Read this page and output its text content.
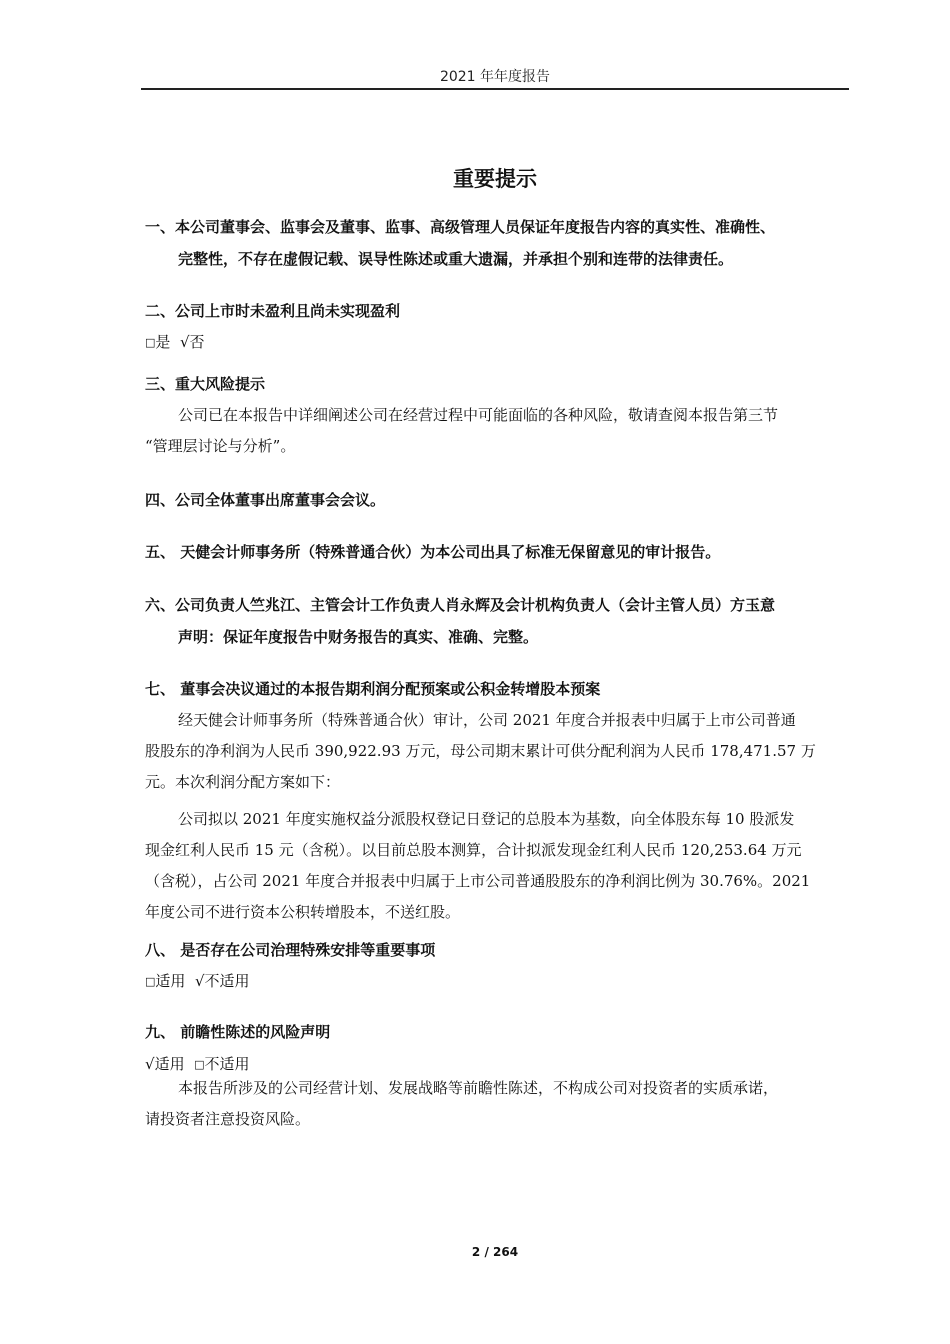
2021 年年度报告
重要提示
一、本公司董事会、监事会及董事、监事、高级管理人员保证年度报告内容的真实性、准确性、
完整性，不存在虚假记载、误导性陈述或重大遗漏，并承担个别和连带的法律责任。
二、公司上市时未盈利且尚未实现盈利
□是 √否
三、重大风险提示
公司已在本报告中详细阐述公司在经营过程中可能面临的各种风险，敬请查阅本报告第三节
“管理层讨论与分析”。
四、公司全体董事出席董事会会议。
五、 天健会计师事务所（特殊普通合伙）为本公司出具了标准无保留意见的审计报告。
六、公司负责人竺兆江、主管会计工作负责人肖永辉及会计机构负责人（会计主管人员）方玉意
声明：保证年度报告中财务报告的真实、准确、完整。
七、 董事会决议通过的本报告期利润分配预案或公积金转增股本预案
经天健会计师事务所（特殊普通合伙）审计，公司 2021 年度合并报表中归属于上市公司普通
股股东的净利润为人民币 390,922.93 万元，母公司期末累计可供分配利润为人民币 178,471.57 万
元。本次利润分配方案如下：
公司拟以 2021 年度实施权益分派股权登记日登记的总股本为基数，向全体股东每 10 股派发
现金红利人民币 15 元（含税）。以目前总股本测算，合计拟派发现金红利人民币 120,253.64 万元
（含税），占公司 2021 年度合并报表中归属于上市公司普通股股东的净利润比例为 30.76%。2021
年度公司不进行资本公积转增股本，不送红股。
八、 是否存在公司治理特殊安排等重要事项
□适用 √不适用
九、 前瞻性陈述的风险声明
√适用 □不适用
本报告所涉及的公司经营计划、发展战略等前瞻性陈述，不构成公司对投资者的实质承诺，
请投资者注意投资风险。
2 / 264
